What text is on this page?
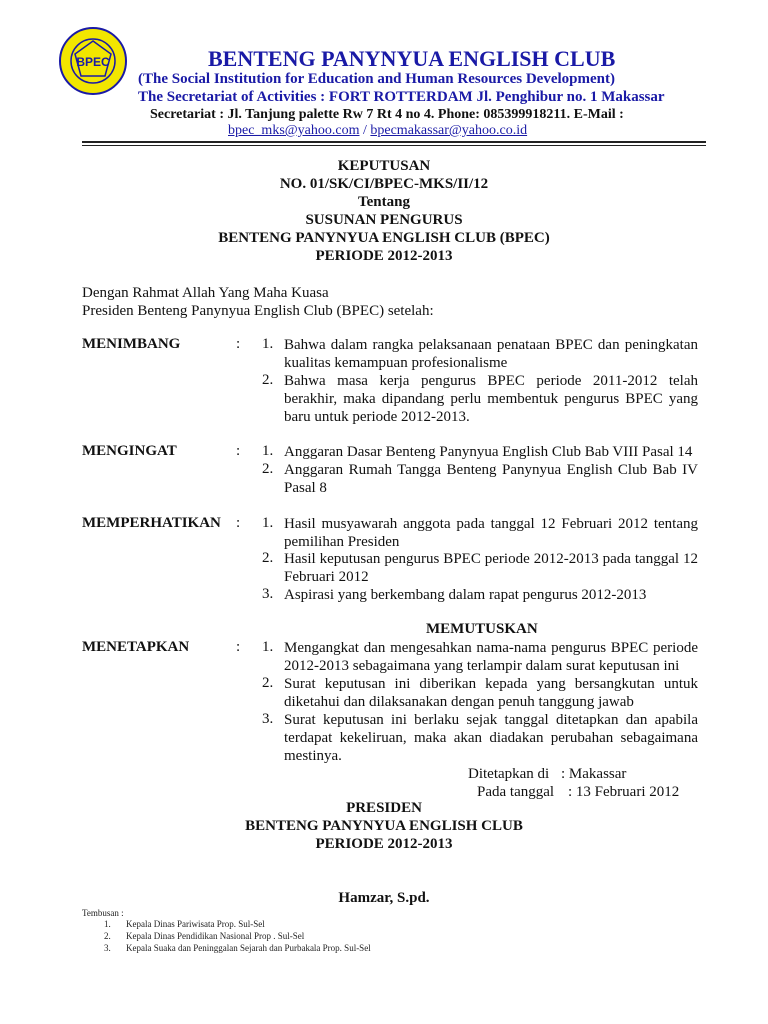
BPEC	BENTENG PANYNYUA ENGLISH CLUB
(The Social Institution for Education and Human Resources Development)
The Secretariat of Activities : FORT ROTTERDAM Jl. Penghibur no. 1 Makassar
Secretariat : Jl. Tanjung palette Rw 7 Rt 4 no 4. Phone: 085399918211. E-Mail :
bpec_mks@yahoo.com / bpecmakassar@yahoo.co.id
KEPUTUSAN
NO. 01/SK/CI/BPEC-MKS/II/12
Tentang
SUSUNAN PENGURUS
BENTENG PANYNYUA ENGLISH CLUB (BPEC)
PERIODE 2012-2013
Dengan Rahmat Allah Yang Maha Kuasa
Presiden Benteng Panynyua English Club (BPEC) setelah:
MENIMBANG	: 1. Bahwa dalam rangka pelaksanaan penataan BPEC dan peningkatan kualitas kemampuan profesionalisme
2. Bahwa masa kerja pengurus BPEC periode 2011-2012 telah berakhir, maka dipandang perlu membentuk pengurus BPEC yang baru untuk periode 2012-2013.
MENGINGAT	: 1. Anggaran Dasar Benteng Panynyua English Club Bab VIII Pasal 14
2. Anggaran Rumah Tangga Benteng Panynyua English Club Bab IV Pasal 8
MEMPERHATIKAN : 1. Hasil musyawarah anggota pada tanggal 12 Februari 2012 tentang pemilihan Presiden
2. Hasil keputusan pengurus BPEC periode 2012-2013 pada tanggal 12 Februari 2012
3. Aspirasi yang berkembang dalam rapat pengurus 2012-2013
MEMUTUSKAN
MENETAPKAN	: 1. Mengangkat dan mengesahkan nama-nama pengurus BPEC periode 2012-2013 sebagaimana yang terlampir dalam surat keputusan ini
2. Surat keputusan ini diberikan kepada yang bersangkutan untuk diketahui dan dilaksanakan dengan penuh tanggung jawab
3. Surat keputusan ini berlaku sejak tanggal ditetapkan dan apabila terdapat kekeliruan, maka akan diadakan perubahan sebagaimana mestinya.
Ditetapkan di : Makassar
Pada tanggal : 13 Februari 2012
PRESIDEN
BENTENG PANYNYUA ENGLISH CLUB
PERIODE 2012-2013
Hamzar, S.pd.
Tembusan :
1. Kepala Dinas Pariwisata Prop. Sul-Sel
2. Kepala Dinas Pendidikan Nasional Prop . Sul-Sel
3. Kepala Suaka dan Peninggalan Sejarah dan Purbakala Prop. Sul-Sel
